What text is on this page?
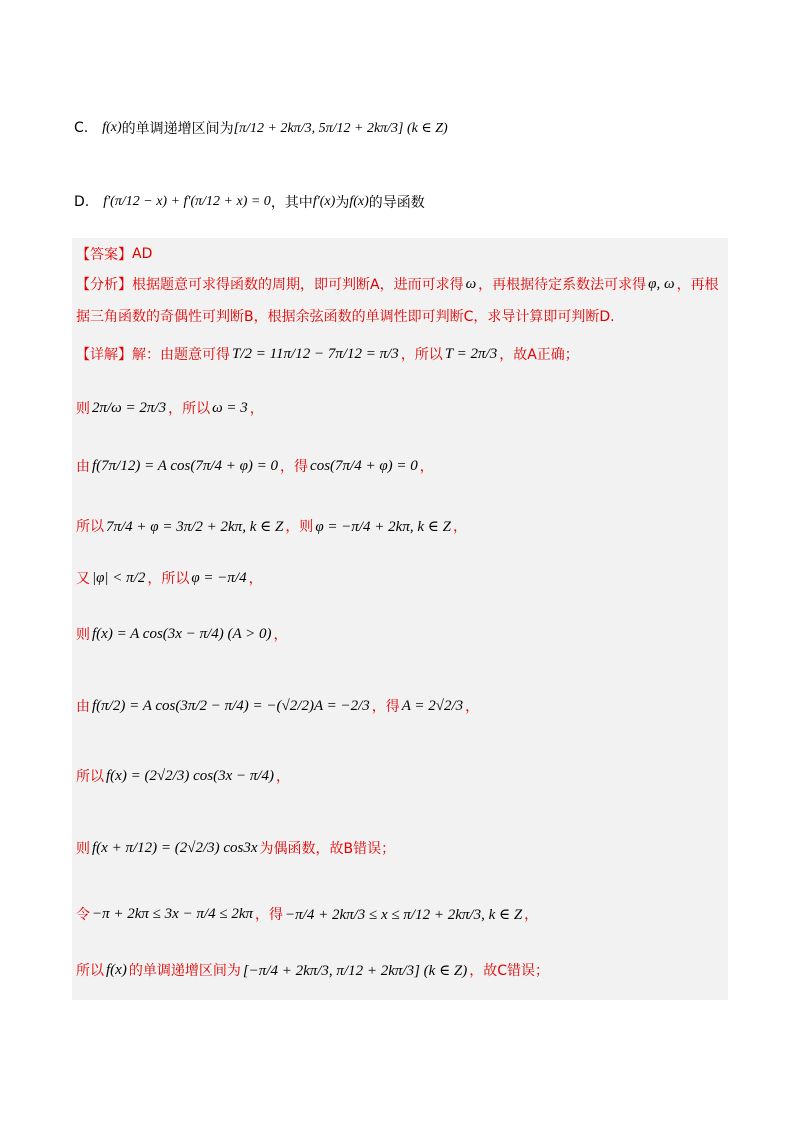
C. f(x) 的单调递增区间为 [π/12 + 2kπ/3, 5π/12 + 2kπ/3] (k ∈ Z)
D. f′(π/12 − x) + f′(π/12 + x) = 0 ，其中 f′(x) 为 f(x) 的导函数
【答案】 AD
【分析】 根据题意可求得函数的周期，即可判断A，进而可求得 ω ，再根据待定系数法可求得 φ, ω ，再根
据三角函数的奇偶性可判断B，根据余弦函数的单调性即可判断C，求导计算即可判断D.
【详解】 解：由题意可得 T/2 = 11π/12 − 7π/12 = π/3 ，所以 T = 2π/3 ，故A正确；
则 2π/ω = 2π/3 ，所以 ω = 3 ，
由 f(7π/12) = A cos(7π/4 + φ) = 0 ，得 cos(7π/4 + φ) = 0 ，
所以 7π/4 + φ = 3π/2 + 2kπ, k ∈ Z ，则 φ = −π/4 + 2kπ, k ∈ Z ，
又 |φ| < π/2 ，所以 φ = −π/4 ，
则 f(x) = A cos(3x − π/4) (A > 0) ，
由 f(π/2) = A cos(3π/2 − π/4) = −(√2/2)A = −2/3 ，得 A = 2√2/3 ，
所以 f(x) = (2√2/3) cos(3x − π/4) ，
则 f(x + π/12) = (2√2/3) cos3x 为偶函数，故B错误；
令 −π + 2kπ ≤ 3x − π/4 ≤ 2kπ ，得 −π/4 + 2kπ/3 ≤ x ≤ π/12 + 2kπ/3, k ∈ Z ，
所以 f(x) 的单调递增区间为 [−π/4 + 2kπ/3, π/12 + 2kπ/3] (k ∈ Z) ，故C错误；
